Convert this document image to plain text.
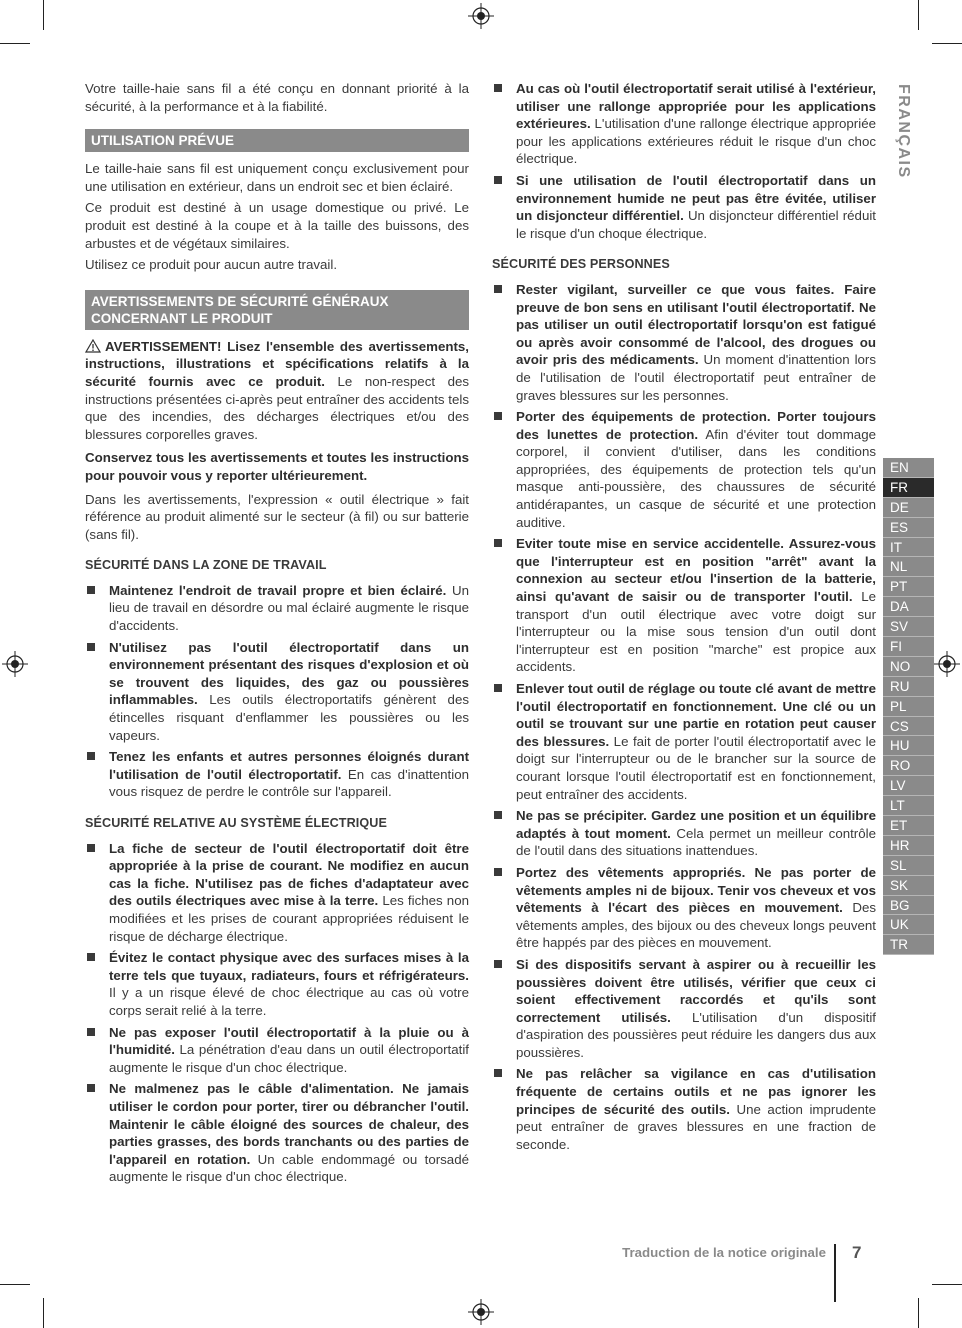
FRANÇAIS
EN
FR
DE
ES
IT
NL
PT
DA
SV
FI
NO
RU
PL
CS
HU
RO
LV
LT
ET
HR
SL
SK
BG
UK
TR

Votre taille-haie sans fil a été conçu en donnant priorité à la sécurité, à la performance et à la fiabilité.

UTILISATION PRÉVUE

Le taille-haie sans fil est uniquement conçu exclusivement pour une utilisation en extérieur, dans un endroit sec et bien éclairé.

Ce produit est destiné à un usage domestique ou privé. Le produit est destiné à la coupe et à la taille des buissons, des arbustes et de végétaux similaires.

Utilisez ce produit pour aucun autre travail.

AVERTISSEMENTS DE SÉCURITÉ GÉNÉRAUX
CONCERNANT LE PRODUIT

AVERTISSEMENT! Lisez l'ensemble des avertissements, instructions, illustrations et spécifications relatifs à la sécurité fournis avec ce produit. Le non-respect des instructions présentées ci-après peut entraîner des accidents tels que des incendies, des décharges électriques et/ou des blessures corporelles graves.

Conservez tous les avertissements et toutes les instructions pour pouvoir vous y reporter ultérieurement.

Dans les avertissements, l'expression « outil électrique » fait référence au produit alimenté sur le secteur (à fil) ou sur batterie (sans fil).

SÉCURITÉ DANS LA ZONE DE TRAVAIL
Maintenez l'endroit de travail propre et bien éclairé. Un lieu de travail en désordre ou mal éclairé augmente le risque d'accidents.
N'utilisez pas l'outil électroportatif dans un environnement présentant des risques d'explosion et où se trouvent des liquides, des gaz ou poussières inflammables. Les outils électroportatifs génèrent des étincelles risquant d'enflammer les poussières ou les vapeurs.
Tenez les enfants et autres personnes éloignés durant l'utilisation de l'outil électroportatif. En cas d'inattention vous risquez de perdre le contrôle sur l'appareil.
SÉCURITÉ RELATIVE AU SYSTÈME ÉLECTRIQUE
La fiche de secteur de l'outil électroportatif doit être appropriée à la prise de courant. Ne modifiez en aucun cas la fiche. N'utilisez pas de fiches d'adaptateur avec des outils électriques avec mise à la terre. Les fiches non modifiées et les prises de courant appropriées réduisent le risque de décharge électrique.
Évitez le contact physique avec des surfaces mises à la terre tels que tuyaux, radiateurs, fours et réfrigérateurs. Il y a un risque élevé de choc électrique au cas où votre corps serait relié à la terre.
Ne pas exposer l'outil électroportatif à la pluie ou à l'humidité. La pénétration d'eau dans un outil électroportatif augmente le risque d'un choc électrique.
Ne malmenez pas le câble d'alimentation. Ne jamais utiliser le cordon pour porter, tirer ou débrancher l'outil. Maintenir le câble éloigné des sources de chaleur, des parties grasses, des bords tranchants ou des parties de l'appareil en rotation. Un cable endommagé ou torsadé augmente le risque d'un choc électrique.
Au cas où l'outil électroportatif serait utilisé à l'extérieur, utiliser une rallonge appropriée pour les applications extérieures. L'utilisation d'une rallonge électrique appropriée pour les applications extérieures réduit le risque d'un choc électrique.
Si une utilisation de l'outil électroportatif dans un environnement humide ne peut pas être évitée, utiliser un disjoncteur différentiel. Un disjoncteur différentiel réduit le risque d'un choque électrique.
SÉCURITÉ DES PERSONNES
Rester vigilant, surveiller ce que vous faites. Faire preuve de bon sens en utilisant l'outil électroportatif. Ne pas utiliser un outil électroportatif lorsqu'on est fatigué ou après avoir consommé de l'alcool, des drogues ou avoir pris des médicaments. Un moment d'inattention lors de l'utilisation de l'outil électroportatif peut entraîner de graves blessures sur les personnes.
Porter des équipements de protection. Porter toujours des lunettes de protection. Afin d'éviter tout dommage corporel, il convient d'utiliser, dans les conditions appropriées, des équipements de protection tels qu'un masque anti-poussière, des chaussures de sécurité antidérapantes, un casque de sécurité et une protection auditive.
Eviter toute mise en service accidentelle. Assurez-vous que l'interrupteur est en position "arrêt" avant la connexion au secteur et/ou l'insertion de la batterie, ainsi qu'avant de saisir ou de transporter l'outil. Le transport d'un outil électrique avec votre doigt sur l'interrupteur ou la mise sous tension d'un outil dont l'interrupteur est en position "marche" est propice aux accidents.
Enlever tout outil de réglage ou toute clé avant de mettre l'outil électroportatif en fonctionnement. Une clé ou un outil se trouvant sur une partie en rotation peut causer des blessures. Le fait de porter l'outil électroportatif avec le doigt sur l'interrupteur ou de le brancher sur la source de courant lorsque l'outil électroportatif est en fonctionnement, peut entraîner des accidents.
Ne pas se précipiter. Gardez une position et un équilibre adaptés à tout moment. Cela permet un meilleur contrôle de l'outil dans des situations inattendues.
Portez des vêtements appropriés. Ne pas porter de vêtements amples ni de bijoux. Tenir vos cheveux et vos vêtements à l'écart des pièces en mouvement. Des vêtements amples, des bijoux ou des cheveux longs peuvent être happés par des pièces en mouvement.
Si des dispositifs servant à aspirer ou à recueillir les poussières doivent être utilisés, vérifier que ceux ci soient effectivement raccordés et qu'ils sont correctement utilisés. L'utilisation d'un dispositif d'aspiration des poussières peut réduire les dangers dus aux poussières.
Ne pas relâcher sa vigilance en cas d'utilisation fréquente de certains outils et ne pas ignorer les principes de sécurité des outils. Une action imprudente peut entraîner de graves blessures en une fraction de seconde.
Traduction de la notice originale 7
